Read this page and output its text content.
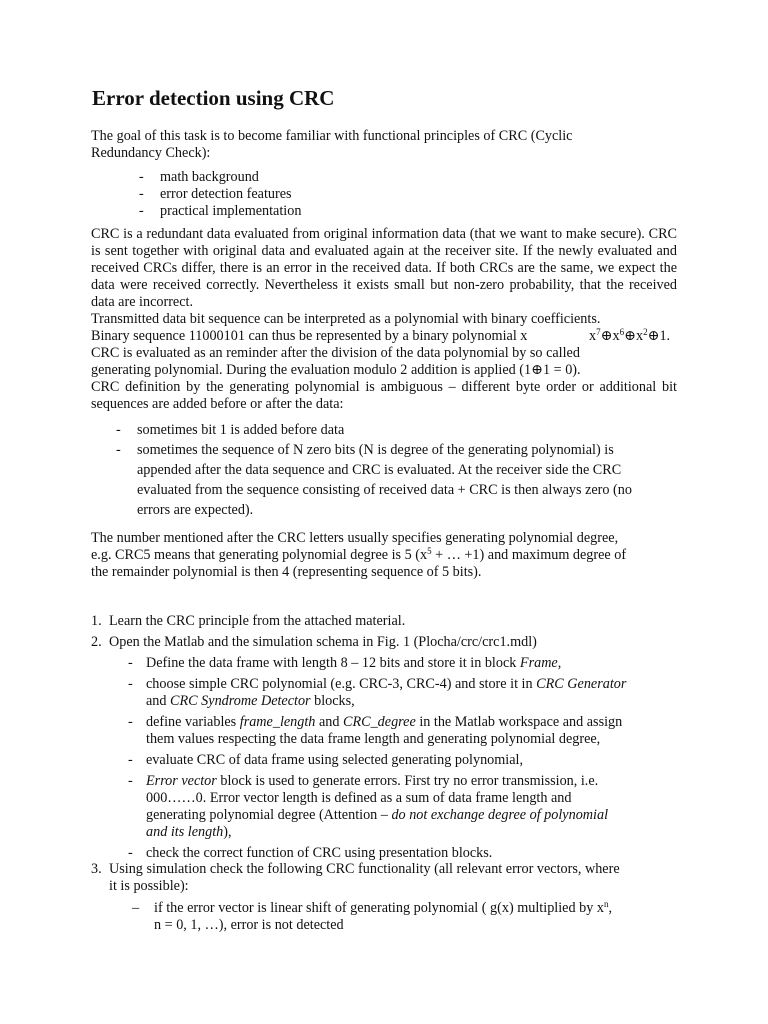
Error detection using CRC
The goal of this task is to become familiar with functional principles of CRC (Cyclic
Redundancy Check):
- math background
- error detection features
- practical implementation
CRC is a redundant data evaluated from original information data (that we want to make secure). CRC is sent together with original data and evaluated again at the receiver site. If the newly evaluated and received CRCs differ, there is an error in the received data. If both CRCs are the same, we expect the data were received correctly. Nevertheless it exists small but non-zero probability, that the received data are incorrect.
Transmitted data bit sequence can be interpreted as a polynomial with binary coefficients.
Binary sequence 11000101 can thus be represented by a binary polynomial x
CRC is evaluated as an reminder after the division of the data polynomial by so called
generating polynomial. During the evaluation modulo 2 addition is applied (1⊕1 = 0).
$x^7\oplus x^6\oplus x^2\oplus 1$.
CRC definition by the generating polynomial is ambiguous – different byte order or additional bit sequences are added before or after the data:
- sometimes bit 1 is added before data
- sometimes the sequence of N zero bits (N is degree of the generating polynomial) is appended after the data sequence and CRC is evaluated. At the receiver side the CRC evaluated from the sequence consisting of received data + CRC is then always zero (no errors are expected).
The number mentioned after the CRC letters usually specifies generating polynomial degree,
e.g. CRC5 means that generating polynomial degree is 5 ($x^5$ + … +1) and maximum degree of
the remainder polynomial is then 4 (representing sequence of 5 bits).
1. Learn the CRC principle from the attached material.
2. Open the Matlab and the simulation schema in Fig. 1 (Plocha/crc/crc1.mdl)
- Define the data frame with length 8 – 12 bits and store it in block Frame,
- choose simple CRC polynomial (e.g. CRC-3, CRC-4) and store it in CRC Generator
and CRC Syndrome Detector blocks,
- define variables frame_length and CRC_degree in the Matlab workspace and assign
them values respecting the data frame length and generating polynomial degree,
- evaluate CRC of data frame using selected generating polynomial,
- Error vector block is used to generate errors. First try no error transmission, i.e.
000……0. Error vector length is defined as a sum of data frame length and
generating polynomial degree (Attention – do not exchange degree of polynomial
and its length),
- check the correct function of CRC using presentation blocks.
3. Using simulation check the following CRC functionality (all relevant error vectors, where
it is possible):
– if the error vector is linear shift of generating polynomial ( g(x) multiplied by $x^n$,
n = 0, 1, …), error is not detected
